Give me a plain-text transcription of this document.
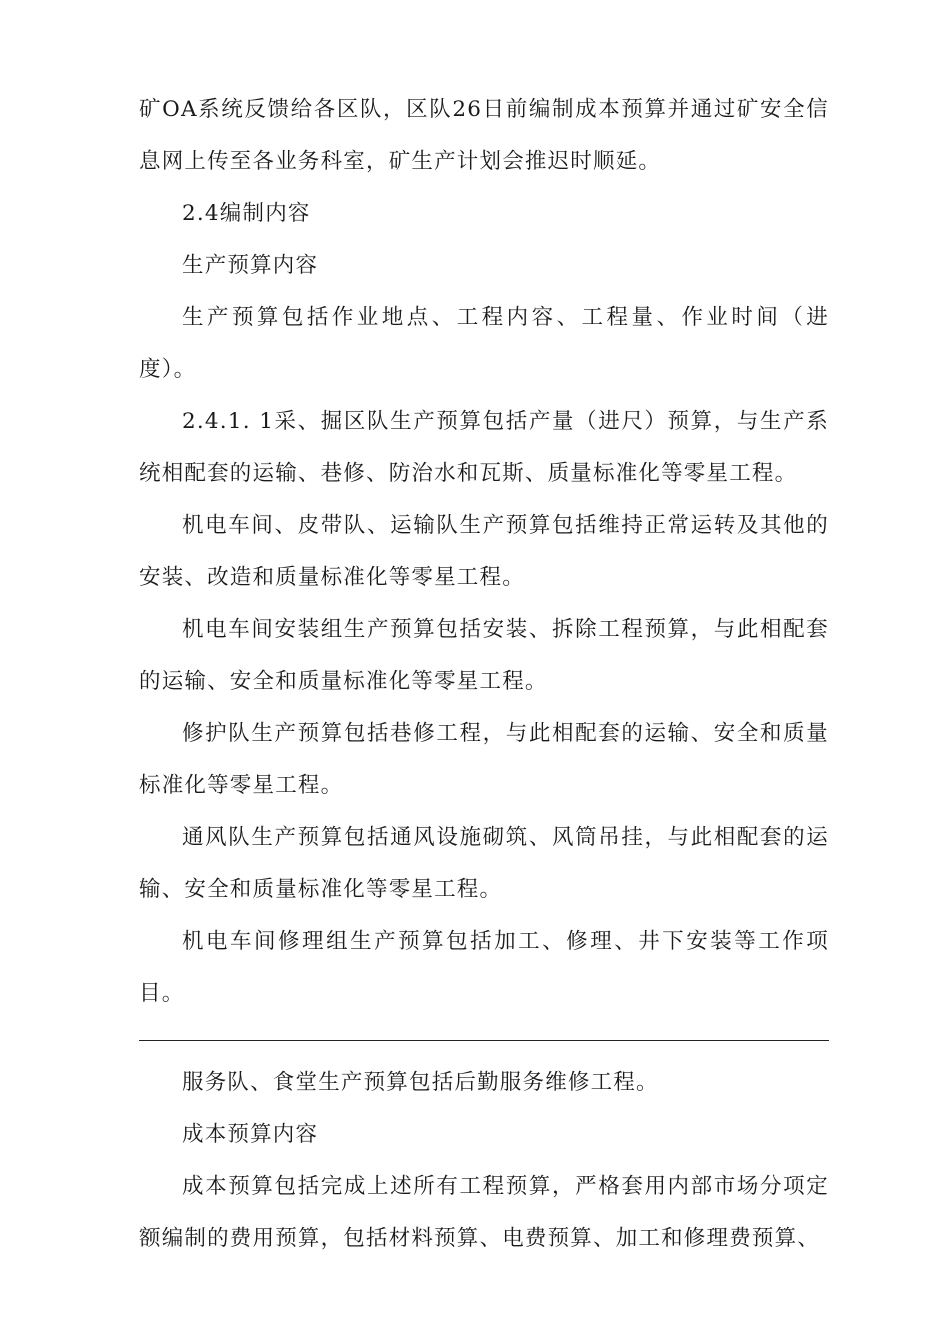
矿OA系统反馈给各区队，区队26日前编制成本预算并通过矿安全信息网上传至各业务科室，矿生产计划会推迟时顺延。

2.4编制内容

生产预算内容

生产预算包括作业地点、工程内容、工程量、作业时间（进度）。

2.4.1. 1采、掘区队生产预算包括产量（进尺）预算，与生产系统相配套的运输、巷修、防治水和瓦斯、质量标准化等零星工程。

机电车间、皮带队、运输队生产预算包括维持正常运转及其他的安装、改造和质量标准化等零星工程。

机电车间安装组生产预算包括安装、拆除工程预算，与此相配套的运输、安全和质量标准化等零星工程。

修护队生产预算包括巷修工程，与此相配套的运输、安全和质量标准化等零星工程。

通风队生产预算包括通风设施砌筑、风筒吊挂，与此相配套的运输、安全和质量标准化等零星工程。

机电车间修理组生产预算包括加工、修理、井下安装等工作项目。

服务队、食堂生产预算包括后勤服务维修工程。

成本预算内容

成本预算包括完成上述所有工程预算，严格套用内部市场分项定额编制的费用预算，包括材料预算、电费预算、加工和修理费预算、
